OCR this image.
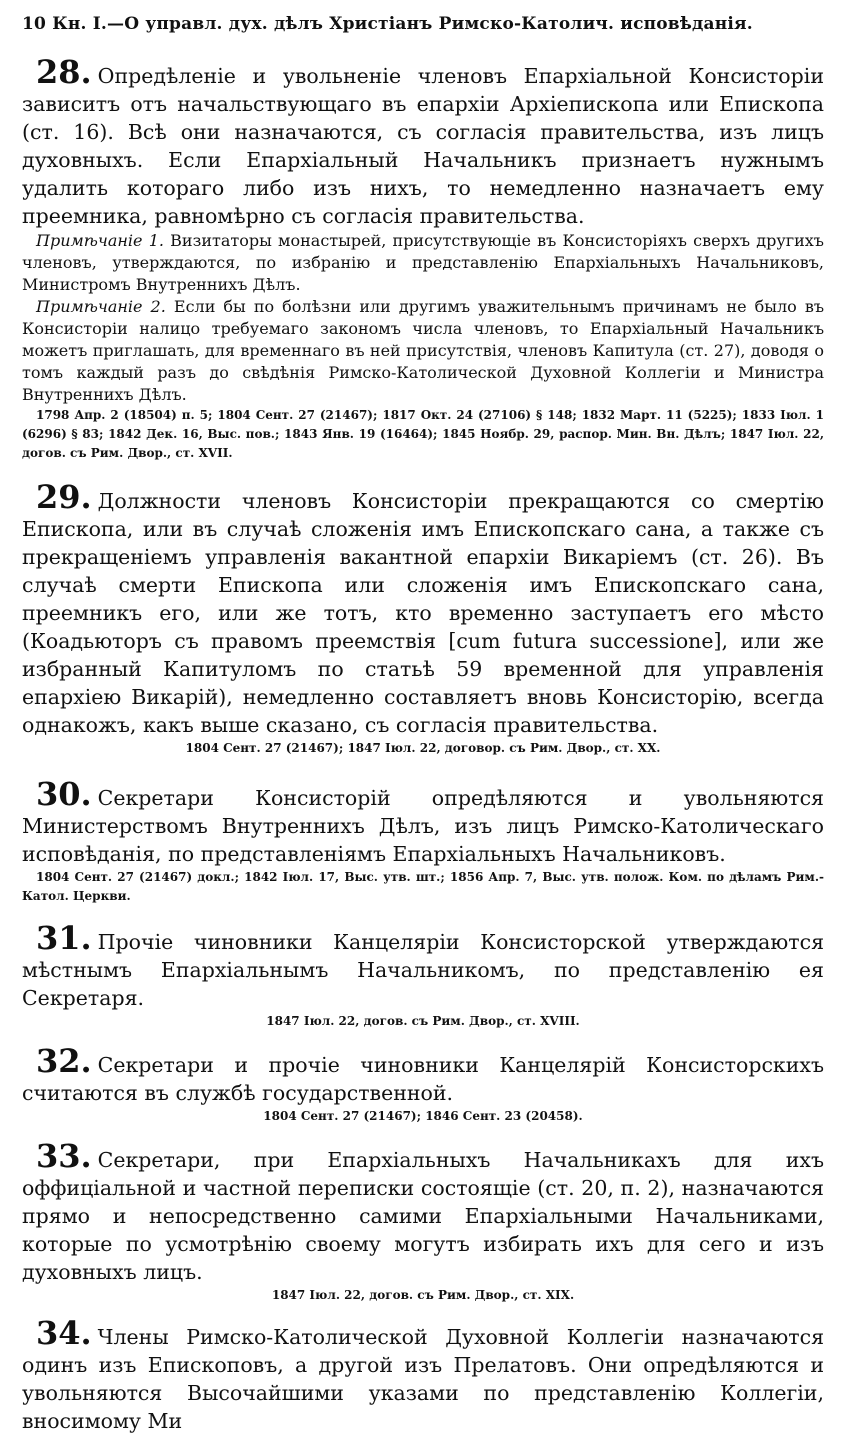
10 Кн. I.—О управл. дух. дѣлъ Христіанъ Римско-Католич. исповѣданія.

28. Опредѣленіе и увольненіе членовъ Епархіальной Консисторіи зависитъ отъ начальствующаго въ епархіи Архіепископа или Епископа (ст. 16). Всѣ они назначаются, съ согласія правительства, изъ лицъ духовныхъ. Если Епархіальный Начальникъ признаетъ нужнымъ удалить котораго либо изъ нихъ, то немедленно назначаетъ ему преемника, равномѣрно съ согласія правительства.

Примѣчаніе 1. Визитаторы монастырей, присутствующіе въ Консисторіяхъ сверхъ другихъ членовъ, утверждаются, по избранію и представленію Епархіальныхъ Начальниковъ, Министромъ Внутреннихъ Дѣлъ.

Примѣчаніе 2. Если бы по болѣзни или другимъ уважительнымъ причинамъ не было въ Консисторіи налицо требуемаго закономъ числа членовъ, то Епархіальный Начальникъ можетъ приглашать, для временнаго въ ней присутствія, членовъ Капитула (ст. 27), доводя о томъ каждый разъ до свѣдѣнія Римско-Католической Духовной Коллегіи и Министра Внутреннихъ Дѣлъ.

1798 Апр. 2 (18504) п. 5; 1804 Сент. 27 (21467); 1817 Окт. 24 (27106) § 148; 1832 Март. 11 (5225); 1833 Іюл. 1 (6296) § 83; 1842 Дек. 16, Выс. пов.; 1843 Янв. 19 (16464); 1845 Ноябр. 29, распор. Мин. Вн. Дѣлъ; 1847 Іюл. 22, догов. съ Рим. Двор., ст. XVII.

29. Должности членовъ Консисторіи прекращаются со смертію Епископа, или въ случаѣ сложенія имъ Епископскаго сана, а также съ прекращеніемъ управленія вакантной епархіи Викаріемъ (ст. 26). Въ случаѣ смерти Епископа или сложенія имъ Епископскаго сана, преемникъ его, или же тотъ, кто временно заступаетъ его мѣсто (Коадьюторъ съ правомъ преемствія [cum futura successione], или же избранный Капитуломъ по статьѣ 59 временной для управленія епархіею Викарій), немедленно составляетъ вновь Консисторію, всегда однакожъ, какъ выше сказано, съ согласія правительства.

1804 Сент. 27 (21467); 1847 Іюл. 22, договор. съ Рим. Двор., ст. XX.

30. Секретари Консисторій опредѣляются и увольняются Министерствомъ Внутреннихъ Дѣлъ, изъ лицъ Римско-Католическаго исповѣданія, по представленіямъ Епархіальныхъ Начальниковъ.

1804 Сент. 27 (21467) докл.; 1842 Іюл. 17, Выс. утв. шт.; 1856 Апр. 7, Выс. утв. полож. Ком. по дѣламъ Рим.-Катол. Церкви.

31. Прочіе чиновники Канцеляріи Консисторской утверждаются мѣстнымъ Епархіальнымъ Начальникомъ, по представленію ея Секретаря.

1847 Іюл. 22, догов. съ Рим. Двор., ст. XVIII.

32. Секретари и прочіе чиновники Канцелярій Консисторскихъ считаются въ службѣ государственной.

1804 Сент. 27 (21467); 1846 Сент. 23 (20458).

33. Секретари, при Епархіальныхъ Начальникахъ для ихъ оффиціальной и частной переписки состоящіе (ст. 20, п. 2), назначаются прямо и непосредственно самими Епархіальными Начальниками, которые по усмотрѣнію своему могутъ избирать ихъ для сего и изъ духовныхъ лицъ.

1847 Іюл. 22, догов. съ Рим. Двор., ст. XIX.

34. Члены Римско-Католической Духовной Коллегіи назначаются одинъ изъ Епископовъ, а другой изъ Прелатовъ. Они опредѣляются и увольняются Высочайшими указами по представленію Коллегіи, вносимому Ми
